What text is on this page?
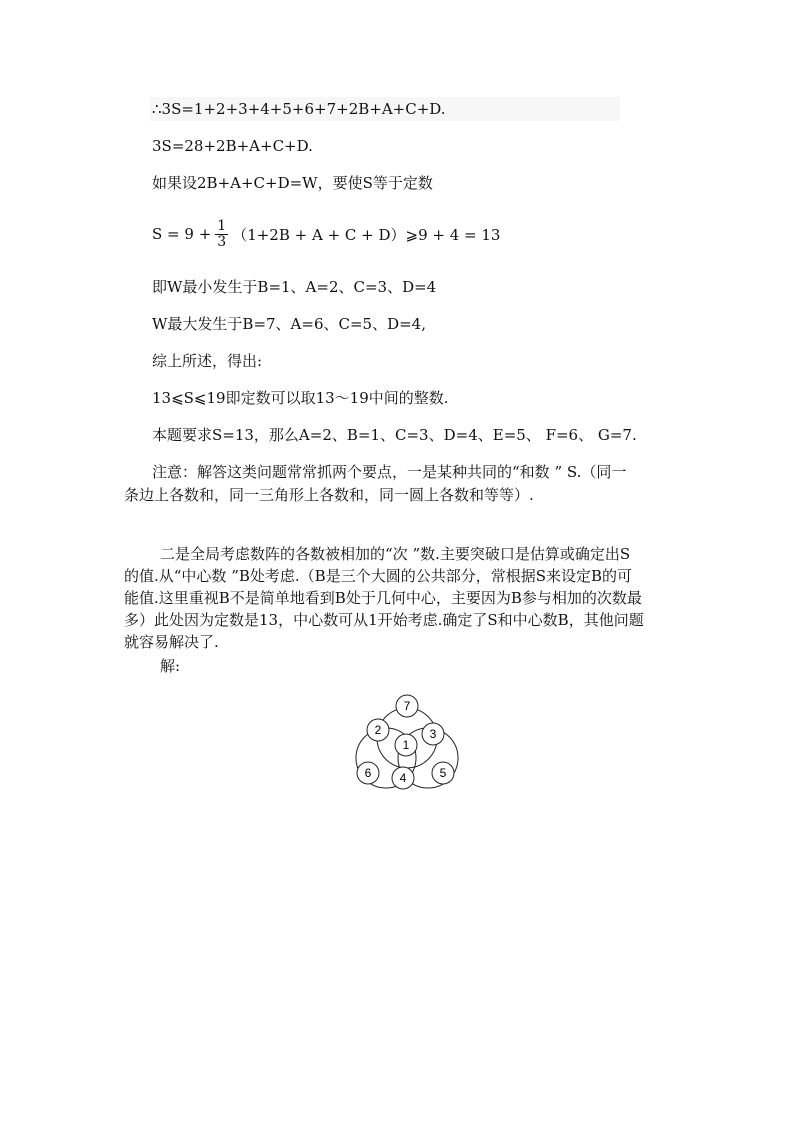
∴3S=1+2+3+4+5+6+7+2B+A+C+D.
3S=28+2B+A+C+D.
如果设2B+A+C+D=W，要使S等于定数
$S = 9 + \frac{1}{3} (1+2B + A + C$ + D）⩾9 + 4 = 13
即W最小发生于B=1、A=2、C=3、D=4
W最大发生于B=7、A=6、C=5、D=4,
综上所述，得出:
13⩽S⩽19即定数可以取13～19中间的整数.
本题要求S=13，那么A=2、B=1、C=3、D=4、E=5、 F=6、 G=7.
注意：解答这类问题常常抓两个要点，一是某种共同的“和数 ” S.（同一
条边上各数和，同一三角形上各数和，同一圆上各数和等等）.
二是全局考虑数阵的各数被相加的“次 ”数.主要突破口是估算或确定出S
的值.从“中心数 ”B处考虑.（B是三个大圆的公共部分，常根据S来设定B的可
能值.这里重视B不是简单地看到B处于几何中心，主要因为B参与相加的次数最
多）此处因为定数是13，中心数可从1开始考虑.确定了S和中心数B，其他问题
就容易解决了.
解:
7
2	3
1
6 4	5
